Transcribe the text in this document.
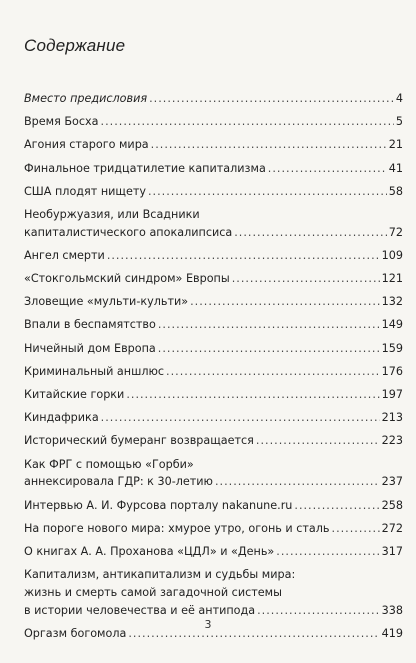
Содержание
Вместо предисловия .....	4
Время Босха .....	5
Агония старого мира .....	21
Финальное тридцатилетие капитализма .....	41
США плодят нищету .....	58
Необуржуазия, или Всадники
капиталистического апокалипсиса .....	72
Ангел смерти .....	109
«Стокгольмский синдром» Европы .....	121
Зловещие «мульти-культи» .....	132
Впали в беспамятство .....	149
Ничейный дом Европа .....	159
Криминальный аншлюс .....	176
Китайские горки .....	197
Киндафрика .....	213
Исторический бумеранг возвращается .....	223
Как ФРГ с помощью «Горби»
аннексировала ГДР: к 30-летию .....	237
Интервью А. И. Фурсова порталу nakanune.ru .....	258
На пороге нового мира: хмурое утро, огонь и сталь .....	272
О книгах А. А. Проханова «ЦДЛ» и «День» .....	317
Капитализм, антикапитализм и судьбы мира:
жизнь и смерть самой загадочной системы
в истории человечества и её антипода .....	338
Оргазм богомола .....	419
3
